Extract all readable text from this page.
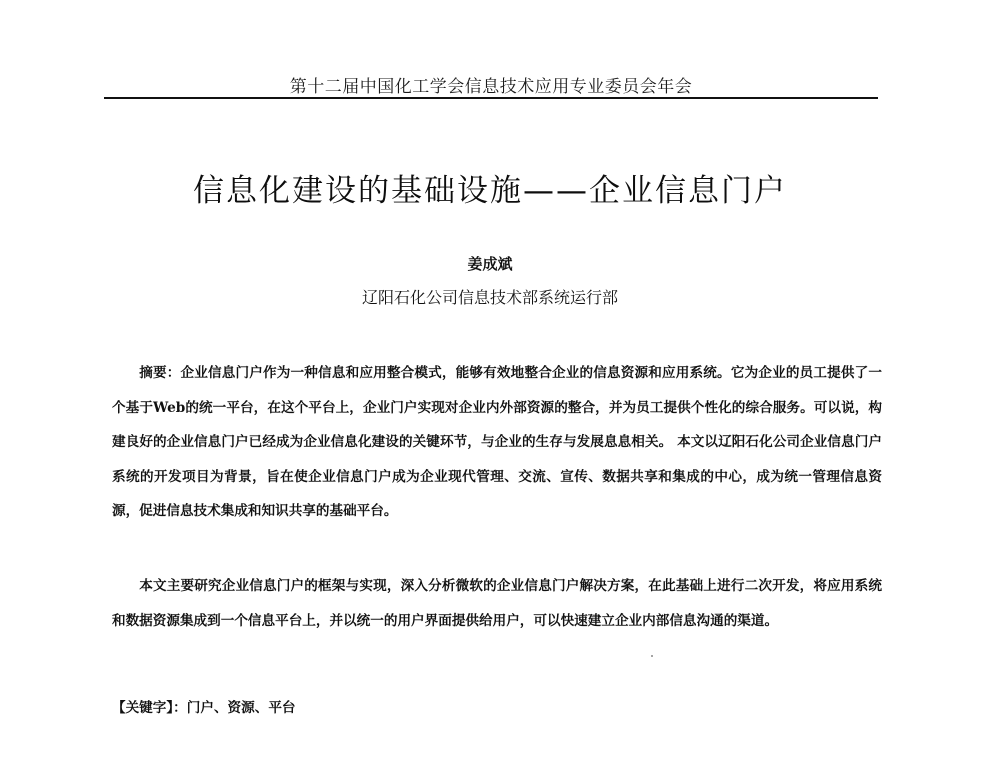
第十二届中国化工学会信息技术应用专业委员会年会
信息化建设的基础设施——企业信息门户
姜成斌
辽阳石化公司信息技术部系统运行部

摘要：企业信息门户作为一种信息和应用整合模式，能够有效地整合企业的信息资源和应用系统。它为企业的员工提供了一个基于Web的统一平台，在这个平台上，企业门户实现对企业内外部资源的整合，并为员工提供个性化的综合服务。可以说，构建良好的企业信息门户已经成为企业信息化建设的关键环节，与企业的生存与发展息息相关。 本文以辽阳石化公司企业信息门户系统的开发项目为背景，旨在使企业信息门户成为企业现代管理、交流、宣传、数据共享和集成的中心，成为统一管理信息资源，促进信息技术集成和知识共享的基础平台。

本文主要研究企业信息门户的框架与实现，深入分析微软的企业信息门户解决方案，在此基础上进行二次开发，将应用系统和数据资源集成到一个信息平台上，并以统一的用户界面提供给用户，可以快速建立企业内部信息沟通的渠道。

【关键字】：门户、资源、平台
